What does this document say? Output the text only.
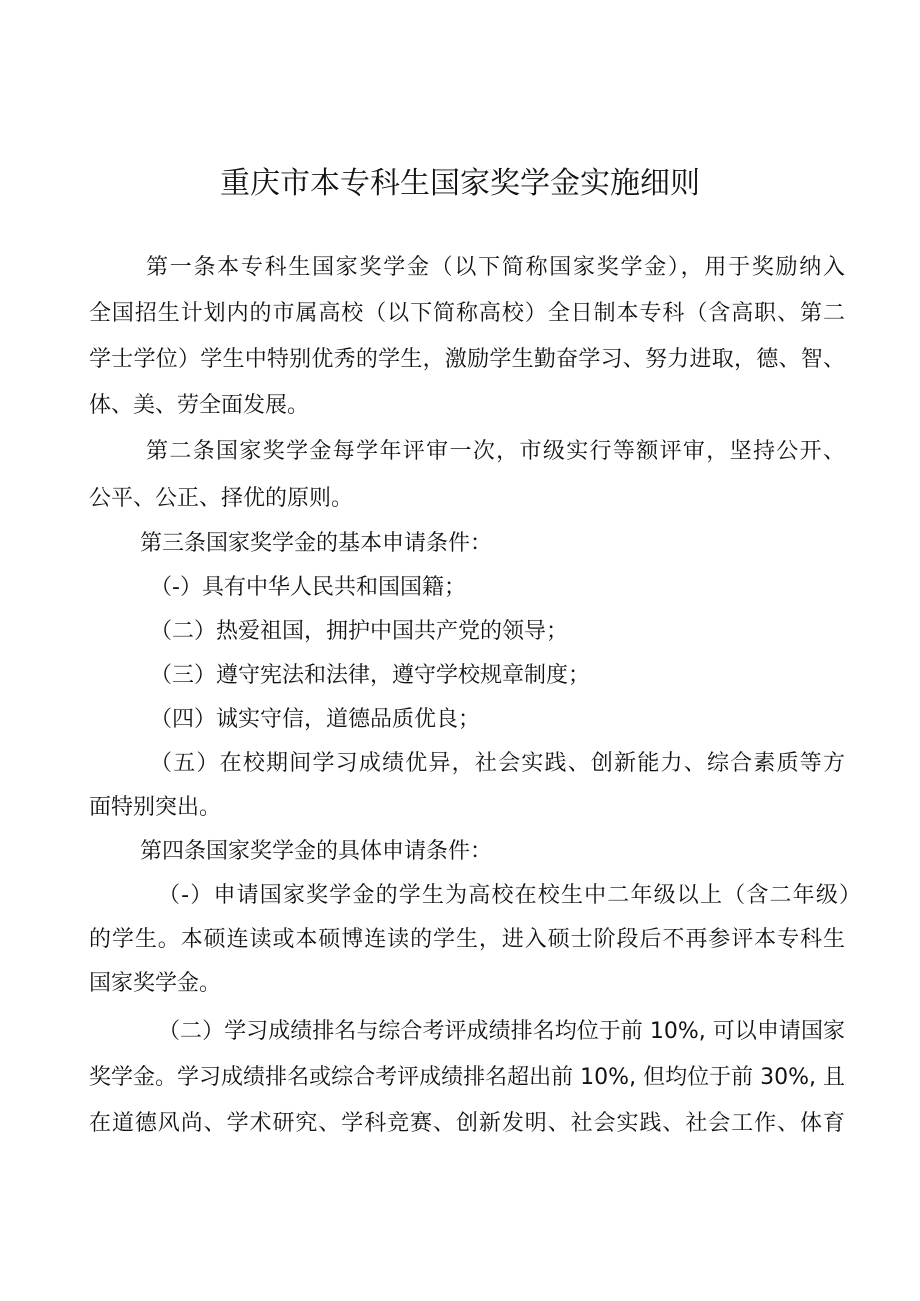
重庆市本专科生国家奖学金实施细则
第一条本专科生国家奖学金（以下简称国家奖学金），用于奖励纳入
全国招生计划内的市属高校（以下简称高校）全日制本专科（含高职、第二
学士学位）学生中特别优秀的学生，激励学生勤奋学习、努力进取，德、智、
体、美、劳全面发展。
第二条国家奖学金每学年评审一次，市级实行等额评审，坚持公开、
公平、公正、择优的原则。
第三条国家奖学金的基本申请条件：
（-）具有中华人民共和国国籍；
（二）热爱祖国，拥护中国共产党的领导；
（三）遵守宪法和法律，遵守学校规章制度；
（四）诚实守信，道德品质优良；
（五）在校期间学习成绩优异，社会实践、创新能力、综合素质等方
面特别突出。
第四条国家奖学金的具体申请条件：
（-）申请国家奖学金的学生为高校在校生中二年级以上（含二年级）
的学生。本硕连读或本硕博连读的学生，进入硕士阶段后不再参评本专科生
国家奖学金。
（二）学习成绩排名与综合考评成绩排名均位于前 10%, 可以申请国家
奖学金。学习成绩排名或综合考评成绩排名超出前 10%, 但均位于前 30%, 且
在道德风尚、学术研究、学科竞赛、创新发明、社会实践、社会工作、体育
